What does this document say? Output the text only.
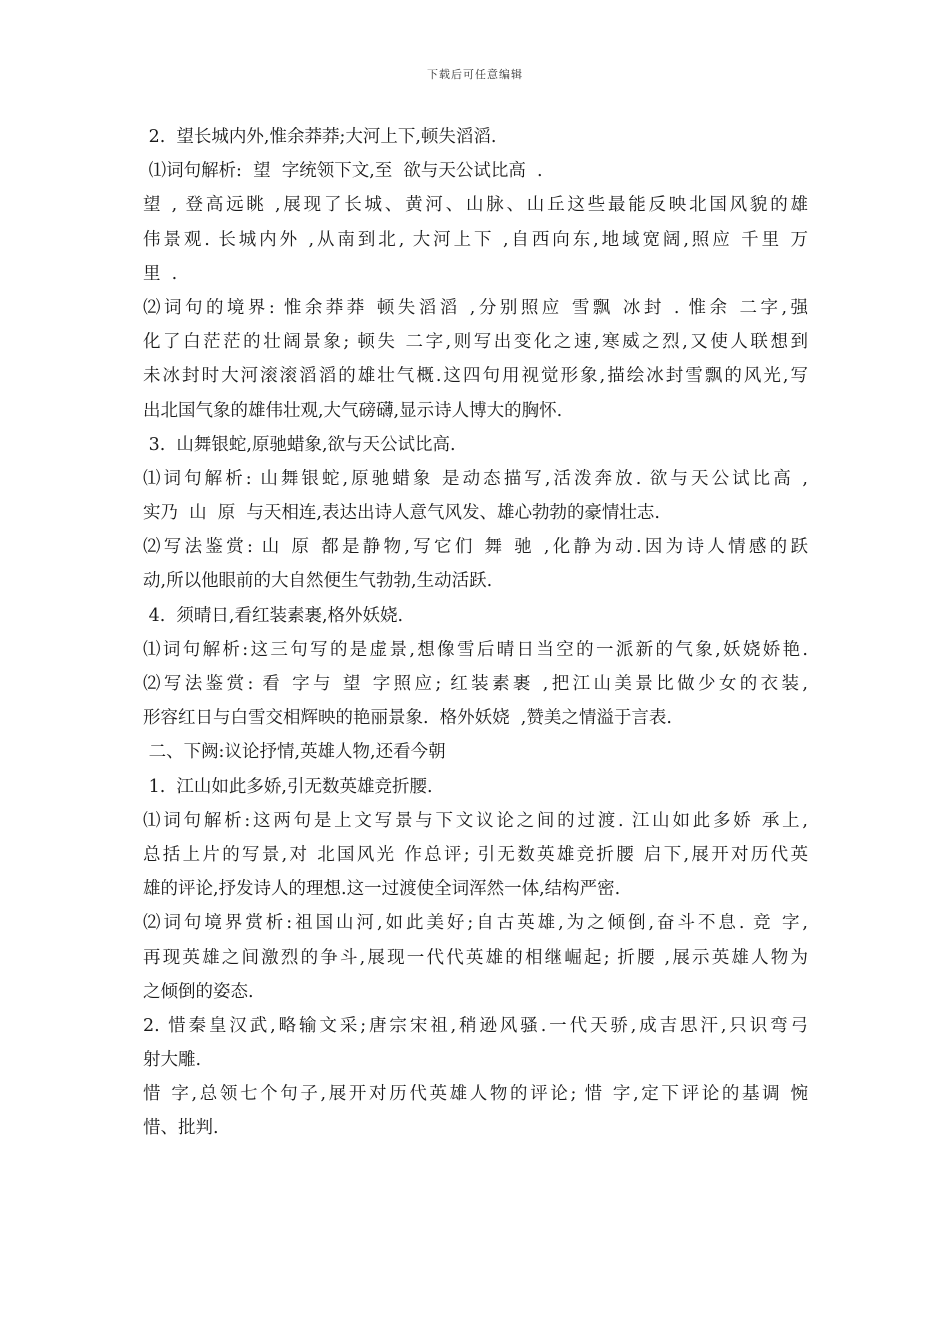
下载后可任意编辑
2.  望长城内外,惟余莽莽;大河上下,顿失滔滔.
⑴词句解析:  望  字统领下文,至  欲与天公试比高  .
望 , 登高远眺 ,展现了长城、黄河、山脉、山丘这些最能反映北国风貌的雄
伟景观. 长城内外 ,从南到北, 大河上下 ,自西向东,地域宽阔,照应 千里 万
里  .
⑵词句的境界: 惟余莽莽 顿失滔滔 ,分别照应 雪飘 冰封 . 惟余 二字,强
化了白茫茫的壮阔景象; 顿失 二字,则写出变化之速,寒威之烈,又使人联想到
未冰封时大河滚滚滔滔的雄壮气概.这四句用视觉形象,描绘冰封雪飘的风光,写
出北国气象的雄伟壮观,大气磅礴,显示诗人博大的胸怀.
3.  山舞银蛇,原驰蜡象,欲与天公试比高.
⑴词句解析: 山舞银蛇,原驰蜡象 是动态描写,活泼奔放. 欲与天公试比高 ,
实乃  山  原  与天相连,表达出诗人意气风发、雄心勃勃的豪情壮志.
⑵写法鉴赏: 山 原 都是静物,写它们 舞 驰 ,化静为动.因为诗人情感的跃
动,所以他眼前的大自然便生气勃勃,生动活跃.
4.  须晴日,看红装素裹,格外妖娆.
⑴词句解析:这三句写的是虚景,想像雪后晴日当空的一派新的气象,妖娆娇艳.
⑵写法鉴赏: 看 字与 望 字照应; 红装素裹 ,把江山美景比做少女的衣装,
形容红日与白雪交相辉映的艳丽景象.  格外妖娆  ,赞美之情溢于言表.
二、下阙:议论抒情,英雄人物,还看今朝
1.  江山如此多娇,引无数英雄竞折腰.
⑴词句解析:这两句是上文写景与下文议论之间的过渡. 江山如此多娇 承上,
总括上片的写景,对 北国风光 作总评; 引无数英雄竞折腰 启下,展开对历代英
雄的评论,抒发诗人的理想.这一过渡使全词浑然一体,结构严密.
⑵词句境界赏析:祖国山河,如此美好;自古英雄,为之倾倒,奋斗不息. 竞 字,
再现英雄之间激烈的争斗,展现一代代英雄的相继崛起; 折腰 ,展示英雄人物为
之倾倒的姿态.
2. 惜秦皇汉武,略输文采;唐宗宋祖,稍逊风骚.一代天骄,成吉思汗,只识弯弓
射大雕.
惜 字,总领七个句子,展开对历代英雄人物的评论; 惜 字,定下评论的基调 惋
惜、批判.
